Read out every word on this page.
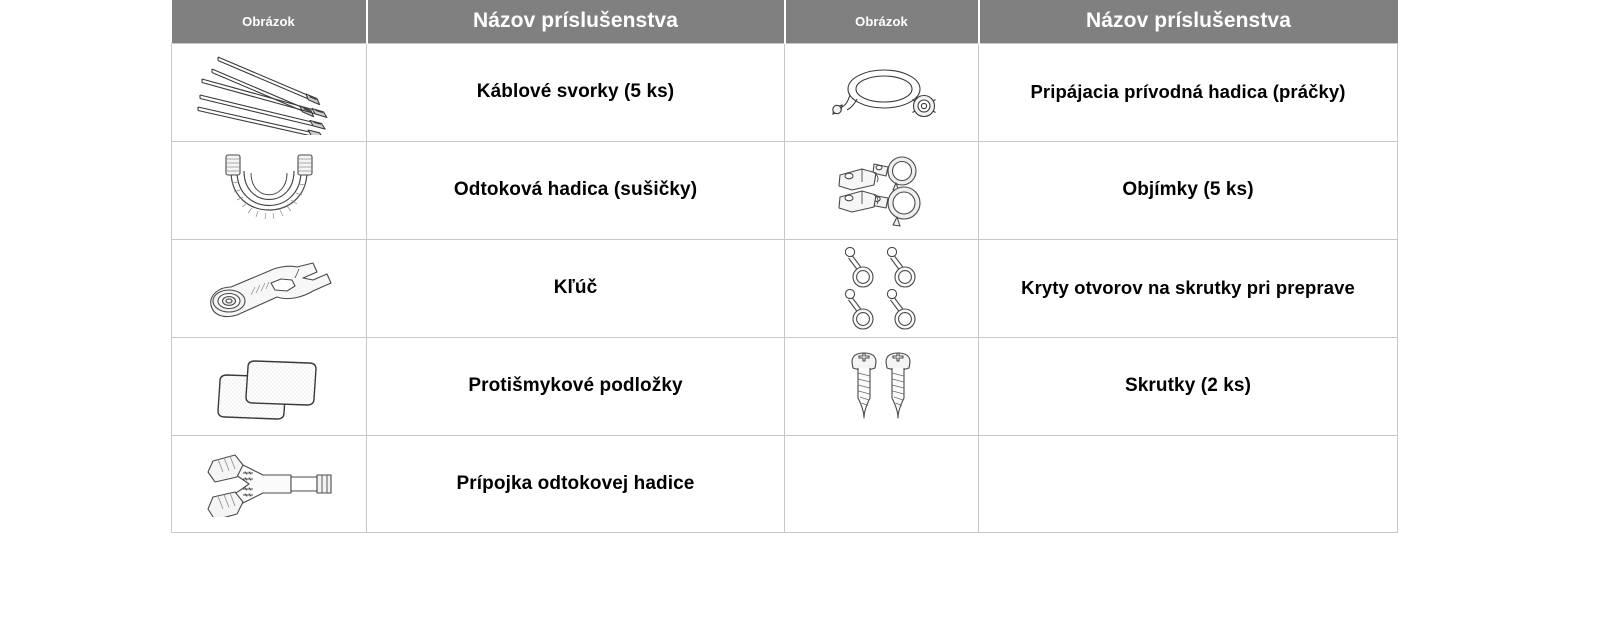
Obrázok	Názov príslušenstva	Obrázok	Názov príslušenstva

	Káblové svorky (5 ks)		Pripájacia prívodná hadica (práčky)

	Odtoková hadica (sušičky)		Objímky (5 ks)

	Kľúč		Kryty otvorov na skrutky pri preprave

	Protišmykové podložky		Skrutky (2 ks)

	Prípojka odtokovej hadice		
